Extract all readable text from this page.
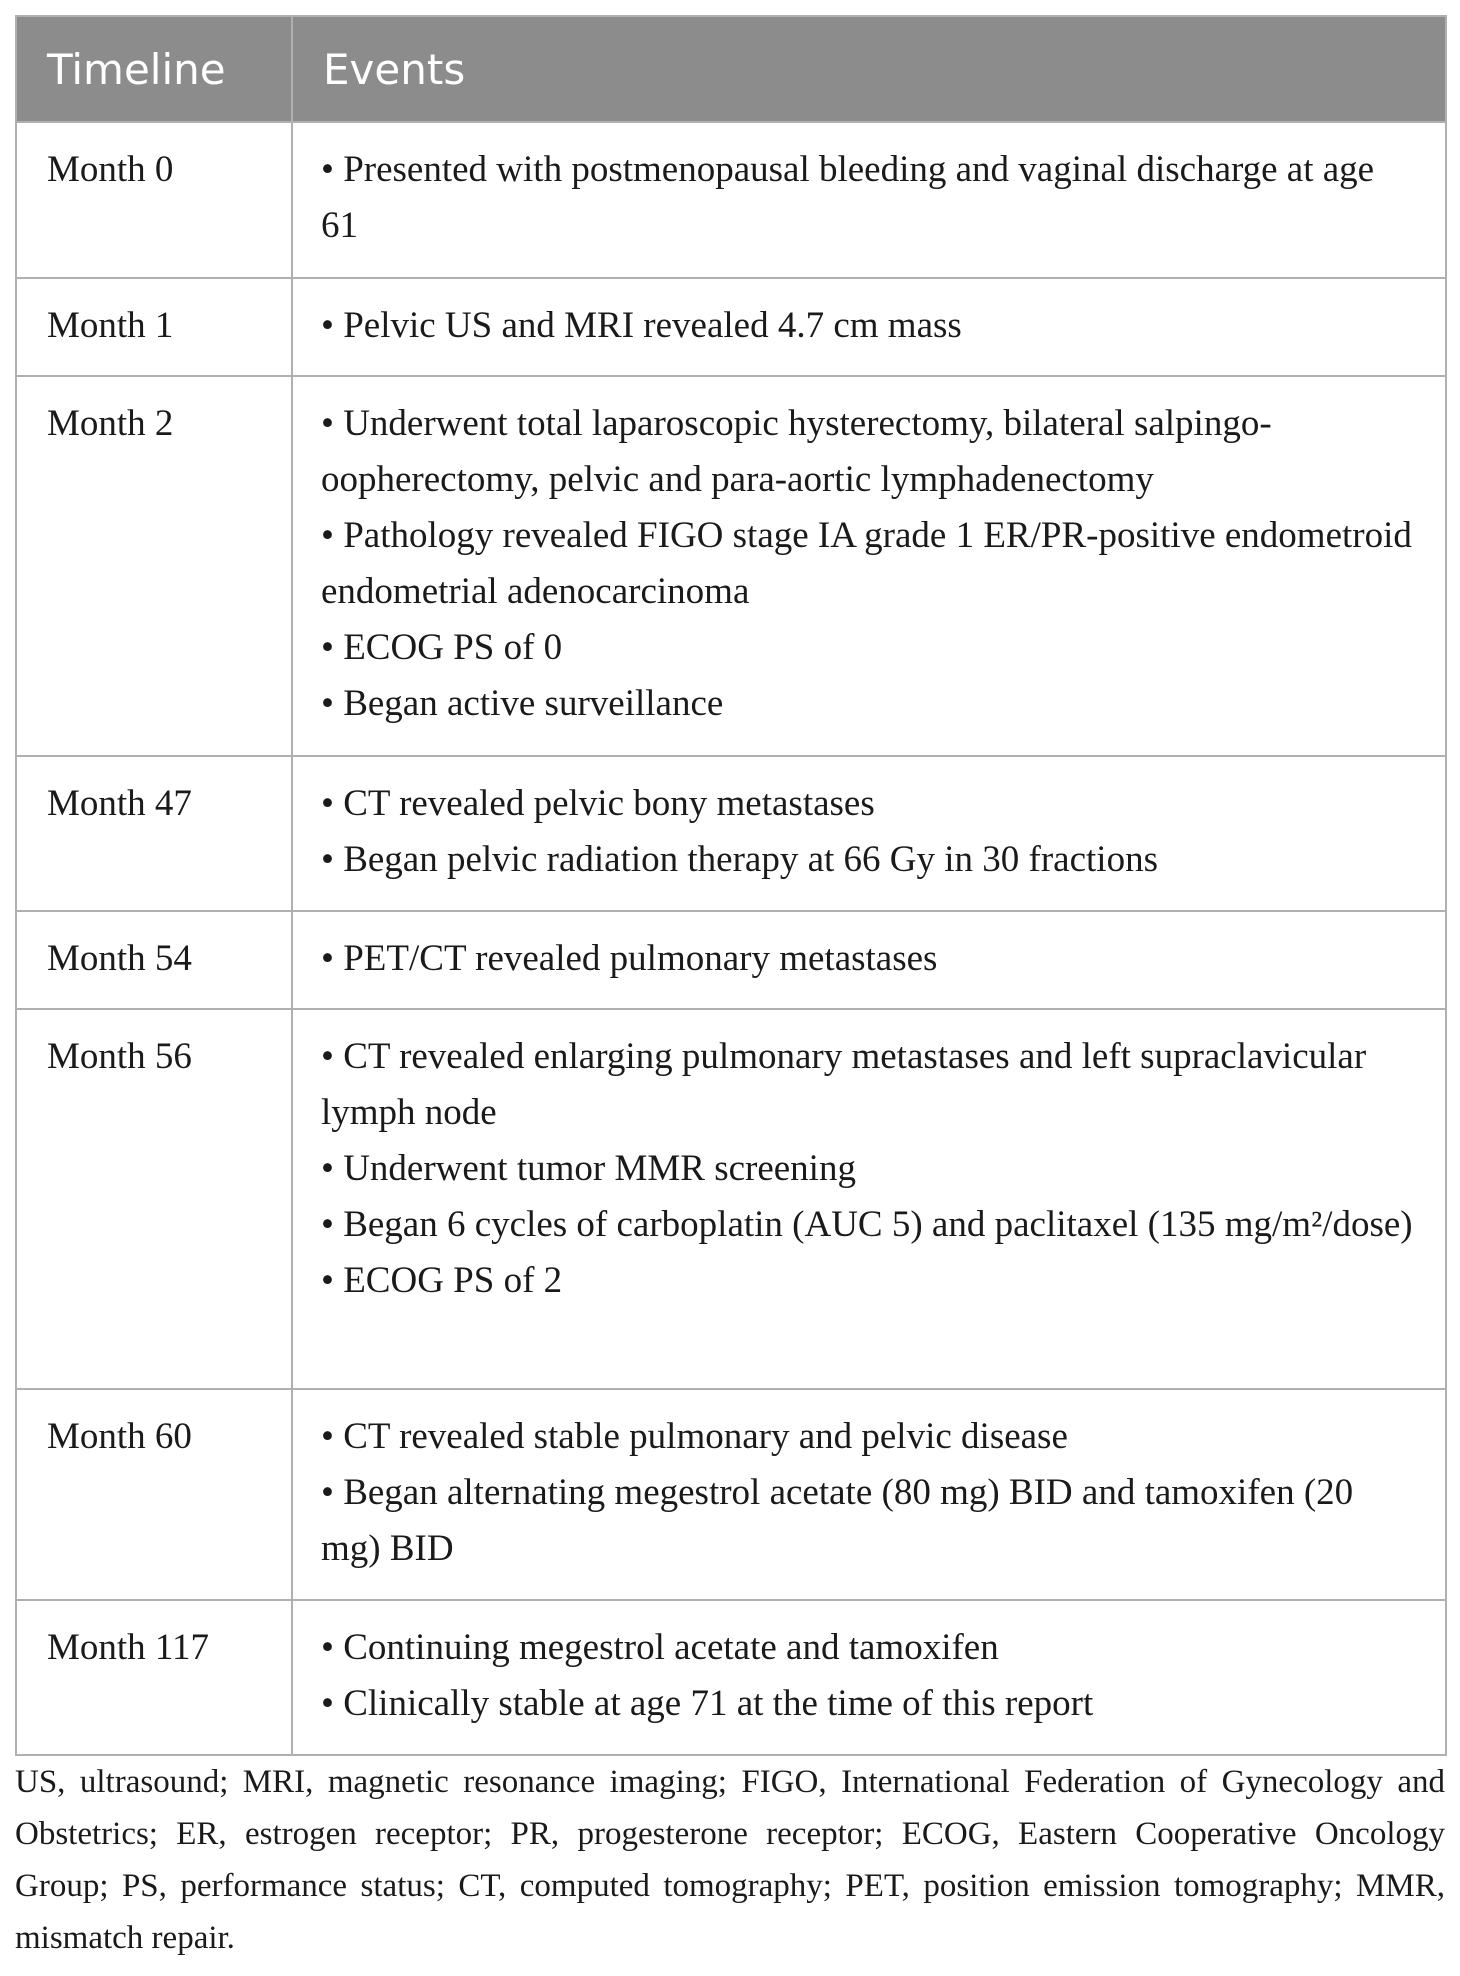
Timeline	Events
Month 0	• Presented with postmenopausal bleeding and vaginal discharge at age 61

Month 1	• Pelvic US and MRI revealed 4.7 cm mass

Month 2	• Underwent total laparoscopic hysterectomy, bilateral salpingo-oopherectomy, pelvic and para-aortic lymphadenectomy
• Pathology revealed FIGO stage IA grade 1 ER/PR-positive endometroid endometrial adenocarcinoma
• ECOG PS of 0
• Began active surveillance

Month 47	• CT revealed pelvic bony metastases
• Began pelvic radiation therapy at 66 Gy in 30 fractions

Month 54	• PET/CT revealed pulmonary metastases

Month 56	• CT revealed enlarging pulmonary metastases and left supraclavicular lymph node
• Underwent tumor MMR screening
• Began 6 cycles of carboplatin (AUC 5) and paclitaxel (135 mg/m²/dose)
• ECOG PS of 2

Month 60	• CT revealed stable pulmonary and pelvic disease
• Began alternating megestrol acetate (80 mg) BID and tamoxifen (20 mg) BID

Month 117	• Continuing megestrol acetate and tamoxifen
• Clinically stable at age 71 at the time of this report
US, ultrasound; MRI, magnetic resonance imaging; FIGO, International Federation of Gynecology and Obstetrics; ER, estrogen receptor; PR, progesterone receptor; ECOG, Eastern Cooperative Oncology Group; PS, performance status; CT, computed tomography; PET, position emission tomography; MMR, mismatch repair.
